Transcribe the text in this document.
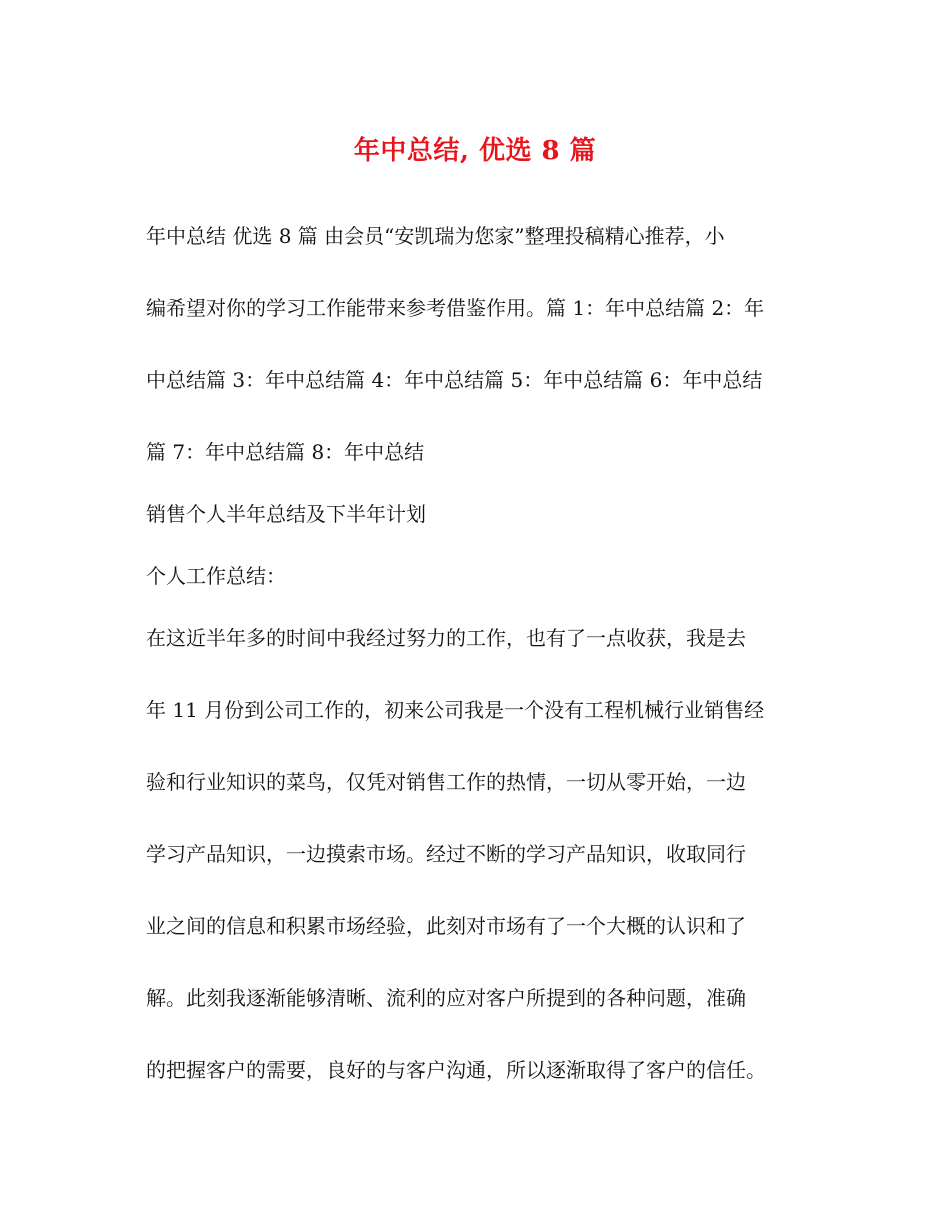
年中总结, 优选 8 篇
年中总结 优选 8 篇 由会员“安凯瑞为您家”整理投稿精心推荐，小
编希望对你的学习工作能带来参考借鉴作用。篇 1：年中总结篇 2：年
中总结篇 3：年中总结篇 4：年中总结篇 5：年中总结篇 6：年中总结
篇 7：年中总结篇 8：年中总结
销售个人半年总结及下半年计划
个人工作总结：
在这近半年多的时间中我经过努力的工作，也有了一点收获，我是去
年 11 月份到公司工作的，初来公司我是一个没有工程机械行业销售经
验和行业知识的菜鸟，仅凭对销售工作的热情，一切从零开始，一边
学习产品知识，一边摸索市场。经过不断的学习产品知识，收取同行
业之间的信息和积累市场经验，此刻对市场有了一个大概的认识和了
解。此刻我逐渐能够清晰、流利的应对客户所提到的各种问题，准确
的把握客户的需要，良好的与客户沟通，所以逐渐取得了客户的信任。
